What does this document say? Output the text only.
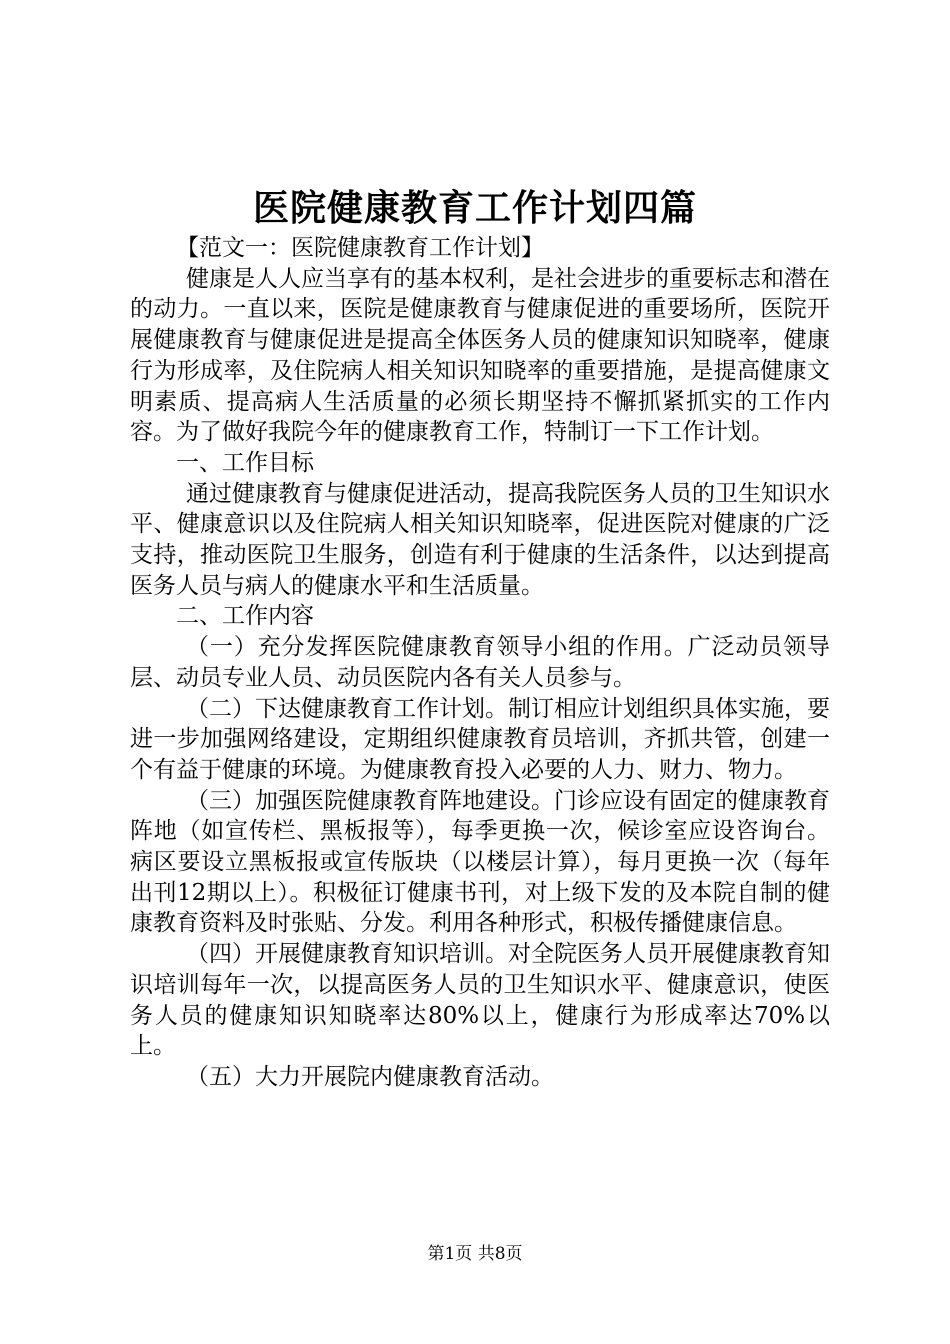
医院健康教育工作计划四篇

【范文一：医院健康教育工作计划】

健康是人人应当享有的基本权利，是社会进步的重要标志和潜在的动力。一直以来，医院是健康教育与健康促进的重要场所，医院开展健康教育与健康促进是提高全体医务人员的健康知识知晓率，健康行为形成率，及住院病人相关知识知晓率的重要措施，是提高健康文明素质、提高病人生活质量的必须长期坚持不懈抓紧抓实的工作内容。为了做好我院今年的健康教育工作，特制订一下工作计划。

一、工作目标

通过健康教育与健康促进活动，提高我院医务人员的卫生知识水平、健康意识以及住院病人相关知识知晓率，促进医院对健康的广泛支持，推动医院卫生服务，创造有利于健康的生活条件，以达到提高医务人员与病人的健康水平和生活质量。

二、工作内容

（一）充分发挥医院健康教育领导小组的作用。广泛动员领导层、动员专业人员、动员医院内各有关人员参与。

（二）下达健康教育工作计划。制订相应计划组织具体实施，要进一步加强网络建设，定期组织健康教育员培训，齐抓共管，创建一个有益于健康的环境。为健康教育投入必要的人力、财力、物力。

（三）加强医院健康教育阵地建设。门诊应设有固定的健康教育阵地（如宣传栏、黑板报等），每季更换一次，候诊室应设咨询台。病区要设立黑板报或宣传版块（以楼层计算），每月更换一次（每年出刊12期以上）。积极征订健康书刊，对上级下发的及本院自制的健康教育资料及时张贴、分发。利用各种形式，积极传播健康信息。

（四）开展健康教育知识培训。对全院医务人员开展健康教育知识培训每年一次，以提高医务人员的卫生知识水平、健康意识，使医务人员的健康知识知晓率达80%以上，健康行为形成率达70%以上。

（五）大力开展院内健康教育活动。

第1页 共8页
